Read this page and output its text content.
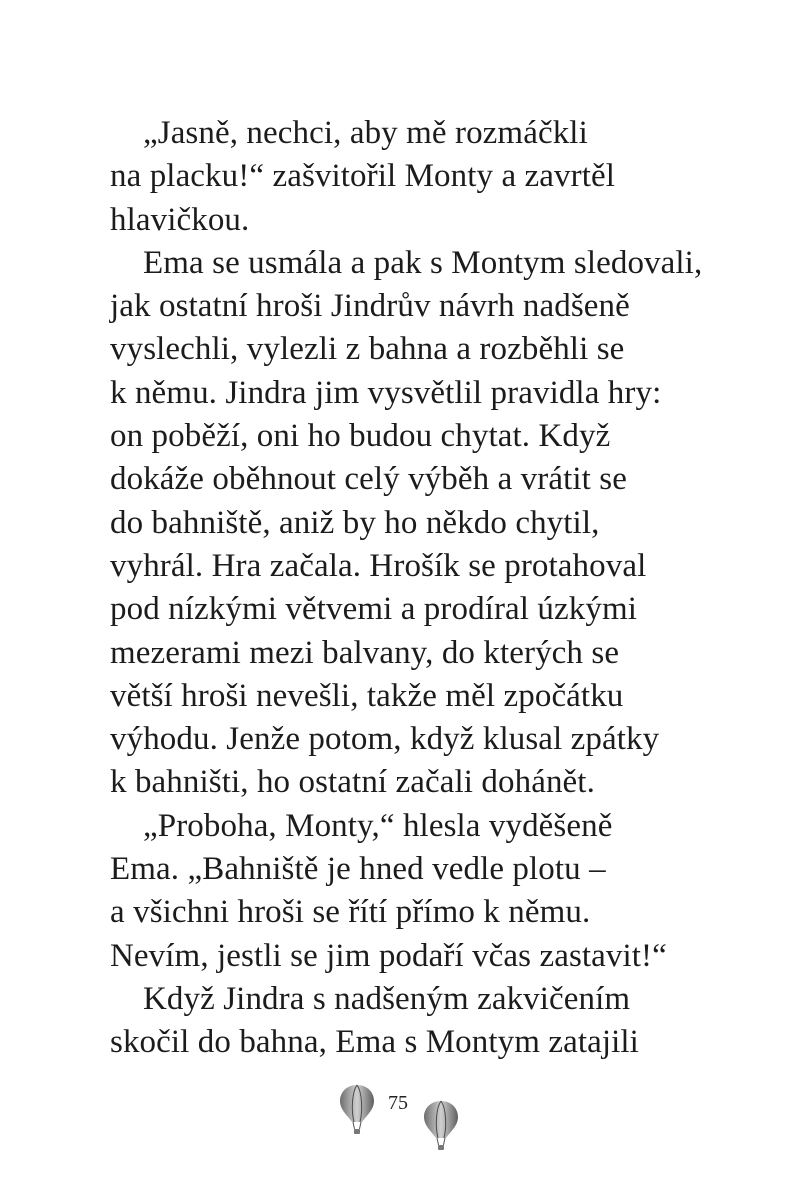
„Jasně, nechci, aby mě rozmáčkli
na placku!“ zašvitořil Monty a zavrtěl
hlavičkou.
Ema se usmála a pak s Montym sledovali,
jak ostatní hroši Jindrův návrh nadšeně
vyslechli, vylezli z bahna a rozběhli se
k němu. Jindra jim vysvětlil pravidla hry:
on poběží, oni ho budou chytat. Když
dokáže oběhnout celý výběh a vrátit se
do bahniště, aniž by ho někdo chytil,
vyhrál. Hra začala. Hrošík se protahoval
pod nízkými větvemi a prodíral úzkými
mezerami mezi balvany, do kterých se
větší hroši nevešli, takže měl zpočátku
výhodu. Jenže potom, když klusal zpátky
k bahništi, ho ostatní začali dohánět.
„Proboha, Monty,“ hlesla vyděšeně
Ema. „Bahniště je hned vedle plotu –
a všichni hroši se řítí přímo k němu.
Nevím, jestli se jim podaří včas zastavit!“
Když Jindra s nadšeným zakvičením
skočil do bahna, Ema s Montym zatajili
75
